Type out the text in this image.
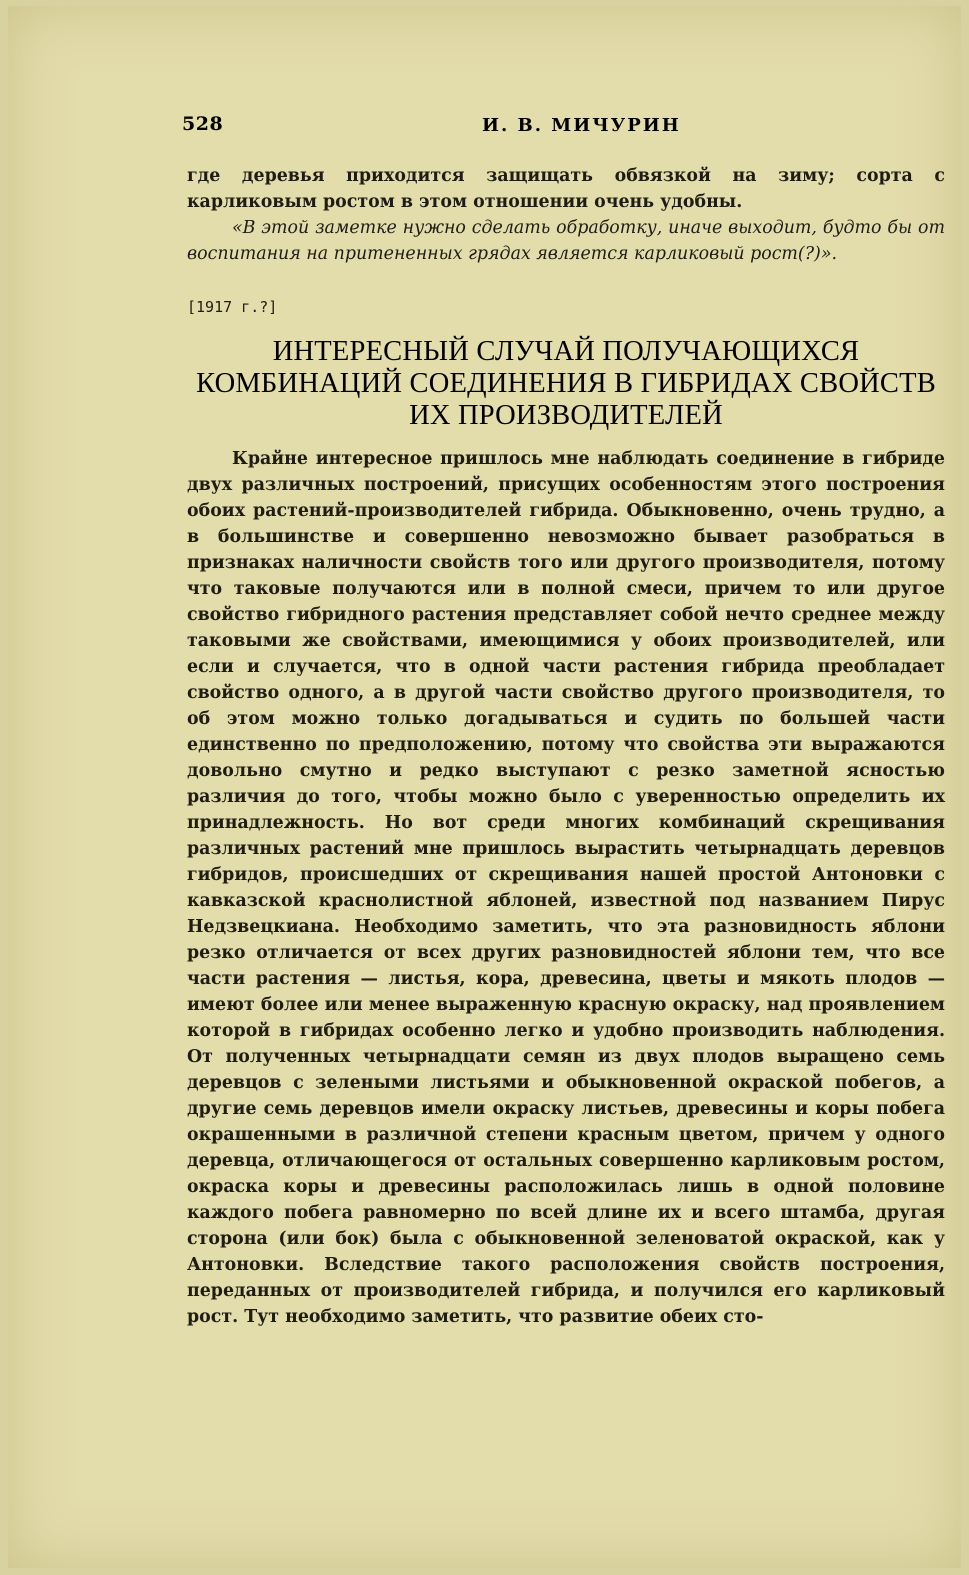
528	И. В. МИЧУРИН

где деревья приходится защищать обвязкой на зиму; сорта с карликовым ростом в этом отношении очень удобны.

«В этой заметке нужно сделать обработку, иначе выходит, будто бы от воспитания на притененных грядах является карликовый рост(?)».

[1917 г.?]

ИНТЕРЕСНЫЙ СЛУЧАЙ ПОЛУЧАЮЩИХСЯ
КОМБИНАЦИЙ СОЕДИНЕНИЯ В ГИБРИДАХ СВОЙСТВ
ИХ ПРОИЗВОДИТЕЛЕЙ

Крайне интересное пришлось мне наблюдать соединение в гибриде двух различных построений, присущих особенностям этого построения обоих растений-производителей гибрида. Обыкновенно, очень трудно, а в большинстве и совершенно невозможно бывает разобраться в признаках наличности свойств того или другого производителя, потому что таковые получаются или в полной смеси, причем то или другое свойство гибридного растения представляет собой нечто среднее между таковыми же свойствами, имеющимися у обоих производителей, или если и случается, что в одной части растения гибрида преобладает свойство одного, а в другой части свойство другого производителя, то об этом можно только догадываться и судить по большей части единственно по предположению, потому что свойства эти выражаются довольно смутно и редко выступают с резко заметной ясностью различия до того, чтобы можно было с уверенностью определить их принадлежность. Но вот среди многих комбинаций скрещивания различных растений мне пришлось вырастить четырнадцать деревцов гибридов, происшедших от скрещивания нашей простой Антоновки с кавказской краснолистной яблоней, известной под названием Пирус Недзвецкиана. Необходимо заметить, что эта разновидность яблони резко отличается от всех других разновидностей яблони тем, что все части растения — листья, кора, древесина, цветы и мякоть плодов — имеют более или менее выраженную красную окраску, над проявлением которой в гибридах особенно легко и удобно производить наблюдения. От полученных четырнадцати семян из двух плодов выращено семь деревцов с зелеными листьями и обыкновенной окраской побегов, а другие семь деревцов имели окраску листьев, древесины и коры побега окрашенными в различной степени красным цветом, причем у одного деревца, отличающегося от остальных совершенно карликовым ростом, окраска коры и древесины расположилась лишь в одной половине каждого побега равномерно по всей длине их и всего штамба, другая сторона (или бок) была с обыкновенной зеленоватой окраской, как у Антоновки. Вследствие такого расположения свойств построения, переданных от производителей гибрида, и получился его карликовый рост. Тут необходимо заметить, что развитие обеих сто-
